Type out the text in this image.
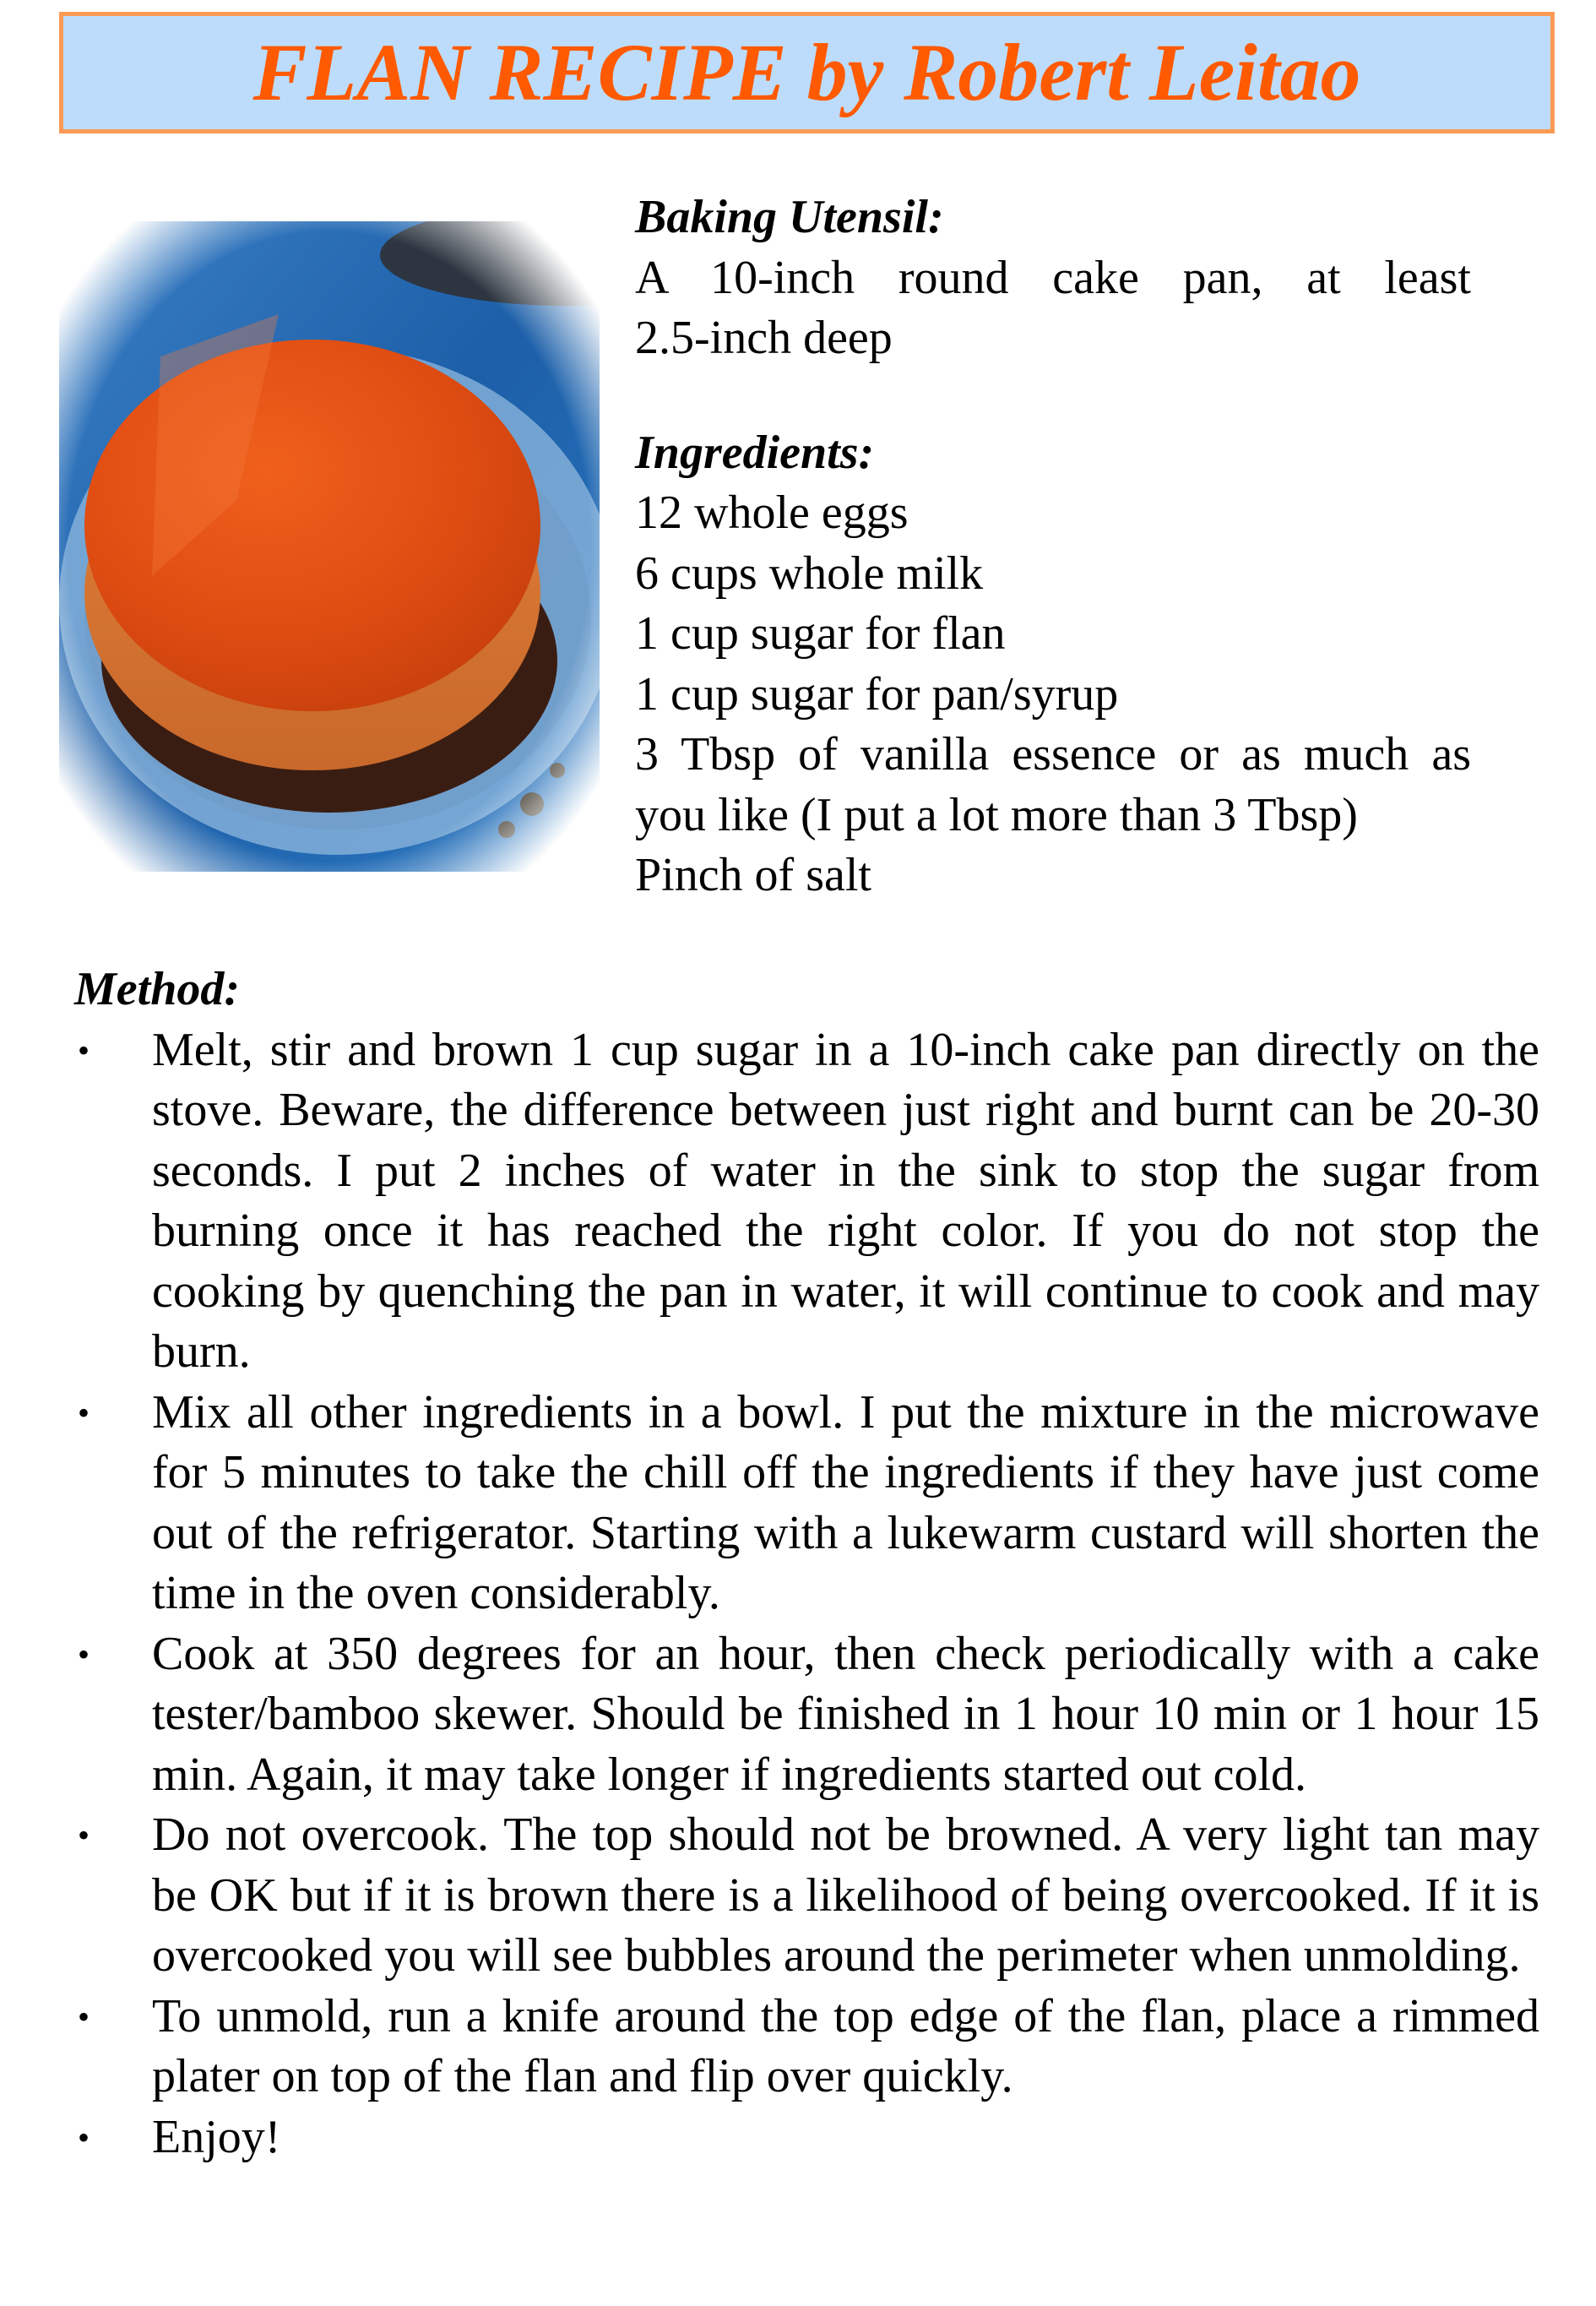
FLAN RECIPE by Robert Leitao
Baking Utensil:
A 10-inch round cake pan, at least
2.5-inch deep
Ingredients:
12 whole eggs
6 cups whole milk
1 cup sugar for flan
1 cup sugar for pan/syrup
3 Tbsp of vanilla essence or as much as
you like (I put a lot more than 3 Tbsp)
Pinch of salt
Method:
• Melt, stir and brown 1 cup sugar in a 10-inch cake pan directly on the stove. Beware, the difference between just right and burnt can be 20-30 seconds. I put 2 inches of water in the sink to stop the sugar from burning once it has reached the right color. If you do not stop the cooking by quenching the pan in water, it will continue to cook and may burn.
• Mix all other ingredients in a bowl. I put the mixture in the microwave for 5 minutes to take the chill off the ingredients if they have just come out of the refrigerator. Starting with a lukewarm custard will shorten the time in the oven considerably.
• Cook at 350 degrees for an hour, then check periodically with a cake tester/bamboo skewer. Should be finished in 1 hour 10 min or 1 hour 15 min. Again, it may take longer if ingredients started out cold.
• Do not overcook. The top should not be browned. A very light tan may be OK but if it is brown there is a likelihood of being overcooked. If it is overcooked you will see bubbles around the perimeter when unmolding.
• To unmold, run a knife around the top edge of the flan, place a rimmed plater on top of the flan and flip over quickly.
• Enjoy!
